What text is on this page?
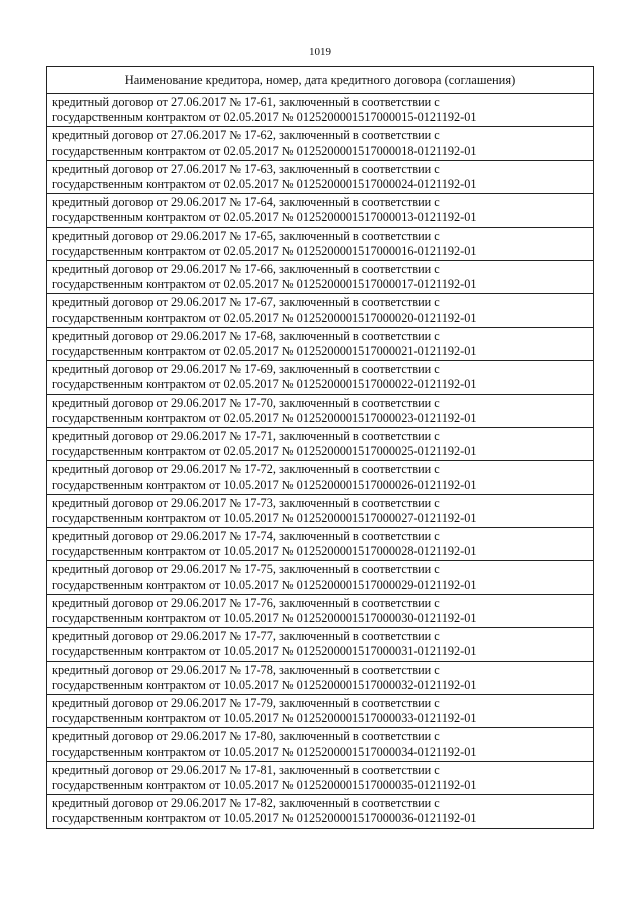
1019
Наименование кредитора, номер, дата кредитного договора (соглашения)

кредитный договор от 27.06.2017 № 17-61, заключенный в соответствии с
государственным контрактом от 02.05.2017 № 0125200001517000015-0121192-01

кредитный договор от 27.06.2017 № 17-62, заключенный в соответствии с
государственным контрактом от 02.05.2017 № 0125200001517000018-0121192-01

кредитный договор от 27.06.2017 № 17-63, заключенный в соответствии с
государственным контрактом от 02.05.2017 № 0125200001517000024-0121192-01

кредитный договор от 29.06.2017 № 17-64, заключенный в соответствии с
государственным контрактом от 02.05.2017 № 0125200001517000013-0121192-01

кредитный договор от 29.06.2017 № 17-65, заключенный в соответствии с
государственным контрактом от 02.05.2017 № 0125200001517000016-0121192-01

кредитный договор от 29.06.2017 № 17-66, заключенный в соответствии с
государственным контрактом от 02.05.2017 № 0125200001517000017-0121192-01

кредитный договор от 29.06.2017 № 17-67, заключенный в соответствии с
государственным контрактом от 02.05.2017 № 0125200001517000020-0121192-01

кредитный договор от 29.06.2017 № 17-68, заключенный в соответствии с
государственным контрактом от 02.05.2017 № 0125200001517000021-0121192-01

кредитный договор от 29.06.2017 № 17-69, заключенный в соответствии с
государственным контрактом от 02.05.2017 № 0125200001517000022-0121192-01

кредитный договор от 29.06.2017 № 17-70, заключенный в соответствии с
государственным контрактом от 02.05.2017 № 0125200001517000023-0121192-01

кредитный договор от 29.06.2017 № 17-71, заключенный в соответствии с
государственным контрактом от 02.05.2017 № 0125200001517000025-0121192-01

кредитный договор от 29.06.2017 № 17-72, заключенный в соответствии с
государственным контрактом от 10.05.2017 № 0125200001517000026-0121192-01

кредитный договор от 29.06.2017 № 17-73, заключенный в соответствии с
государственным контрактом от 10.05.2017 № 0125200001517000027-0121192-01

кредитный договор от 29.06.2017 № 17-74, заключенный в соответствии с
государственным контрактом от 10.05.2017 № 0125200001517000028-0121192-01

кредитный договор от 29.06.2017 № 17-75, заключенный в соответствии с
государственным контрактом от 10.05.2017 № 0125200001517000029-0121192-01

кредитный договор от 29.06.2017 № 17-76, заключенный в соответствии с
государственным контрактом от 10.05.2017 № 0125200001517000030-0121192-01

кредитный договор от 29.06.2017 № 17-77, заключенный в соответствии с
государственным контрактом от 10.05.2017 № 0125200001517000031-0121192-01

кредитный договор от 29.06.2017 № 17-78, заключенный в соответствии с
государственным контрактом от 10.05.2017 № 0125200001517000032-0121192-01

кредитный договор от 29.06.2017 № 17-79, заключенный в соответствии с
государственным контрактом от 10.05.2017 № 0125200001517000033-0121192-01

кредитный договор от 29.06.2017 № 17-80, заключенный в соответствии с
государственным контрактом от 10.05.2017 № 0125200001517000034-0121192-01

кредитный договор от 29.06.2017 № 17-81, заключенный в соответствии с
государственным контрактом от 10.05.2017 № 0125200001517000035-0121192-01

кредитный договор от 29.06.2017 № 17-82, заключенный в соответствии с
государственным контрактом от 10.05.2017 № 0125200001517000036-0121192-01
